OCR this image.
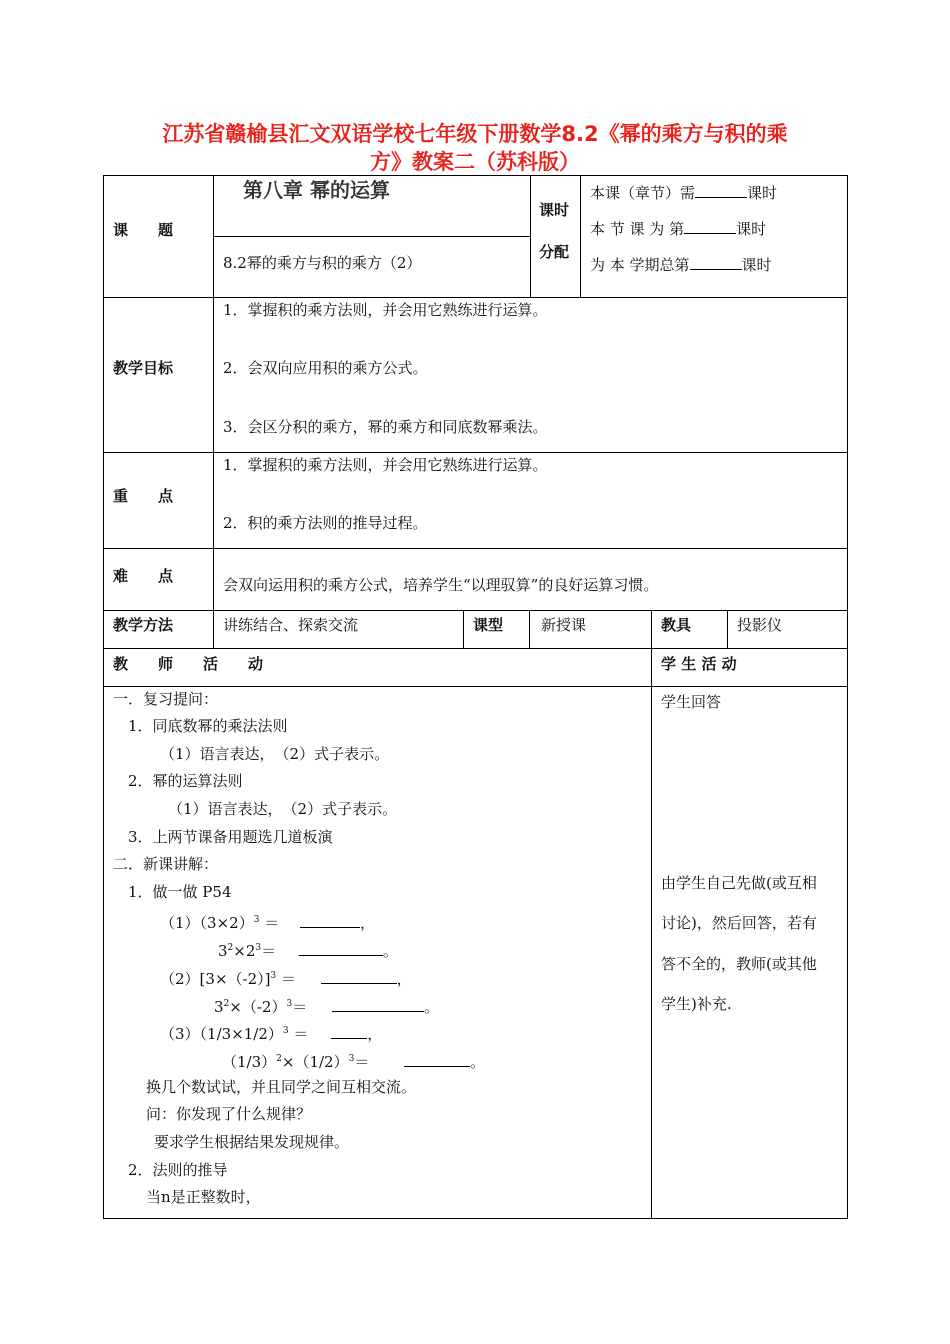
江苏省赣榆县汇文双语学校七年级下册数学8.2《幂的乘方与积的乘
方》教案二（苏科版）
课　　题
第八章 幂的运算
8.2幂的乘方与积的乘方（2）
课时
分配
本课（章节）需	课时
本 节 课 为 第	课时
为 本 学期总第	课时
教学目标
1．掌握积的乘方法则，并会用它熟练进行运算。
2．会双向应用积的乘方公式。
3．会区分积的乘方，幂的乘方和同底数幂乘法。
重　　点
1．掌握积的乘方法则，并会用它熟练进行运算。
2．积的乘方法则的推导过程。
难　　点	会双向运用积的乘方公式，培养学生“以理驭算”的良好运算习惯。
教学方法	讲练结合、探索交流	课型	新授课	教具	投影仪
教　　师　　活　　动	学 生 活 动
一．复习提问：
1．同底数幂的乘法法则
（1）语言表达，　（2）式子表示。
2．幂的运算法则
（1）语言表达，　（2）式子表示。
3．上两节课备用题选几道板演
二．新课讲解：
1．做一做 P54
$(1)(3\times 2)^3$ ＝	，
$3^2\times 2^3=$	。
$(2)[3\times(-2)]^3$ ＝	，
$3^2\times(-2)^3=$	。
$(3)(1/3\times 1/2)^3$ ＝	，
$(1/3)^2\times(1/2)^3=$	。
换几个数试试，并且同学之间互相交流。
问：你发现了什么规律？
要求学生根据结果发现规律。
2．法则的推导
当n是正整数时，
学生回答
由学生自己先做(或互相
讨论)，然后回答，若有
答不全的，教师(或其他
学生)补充.
